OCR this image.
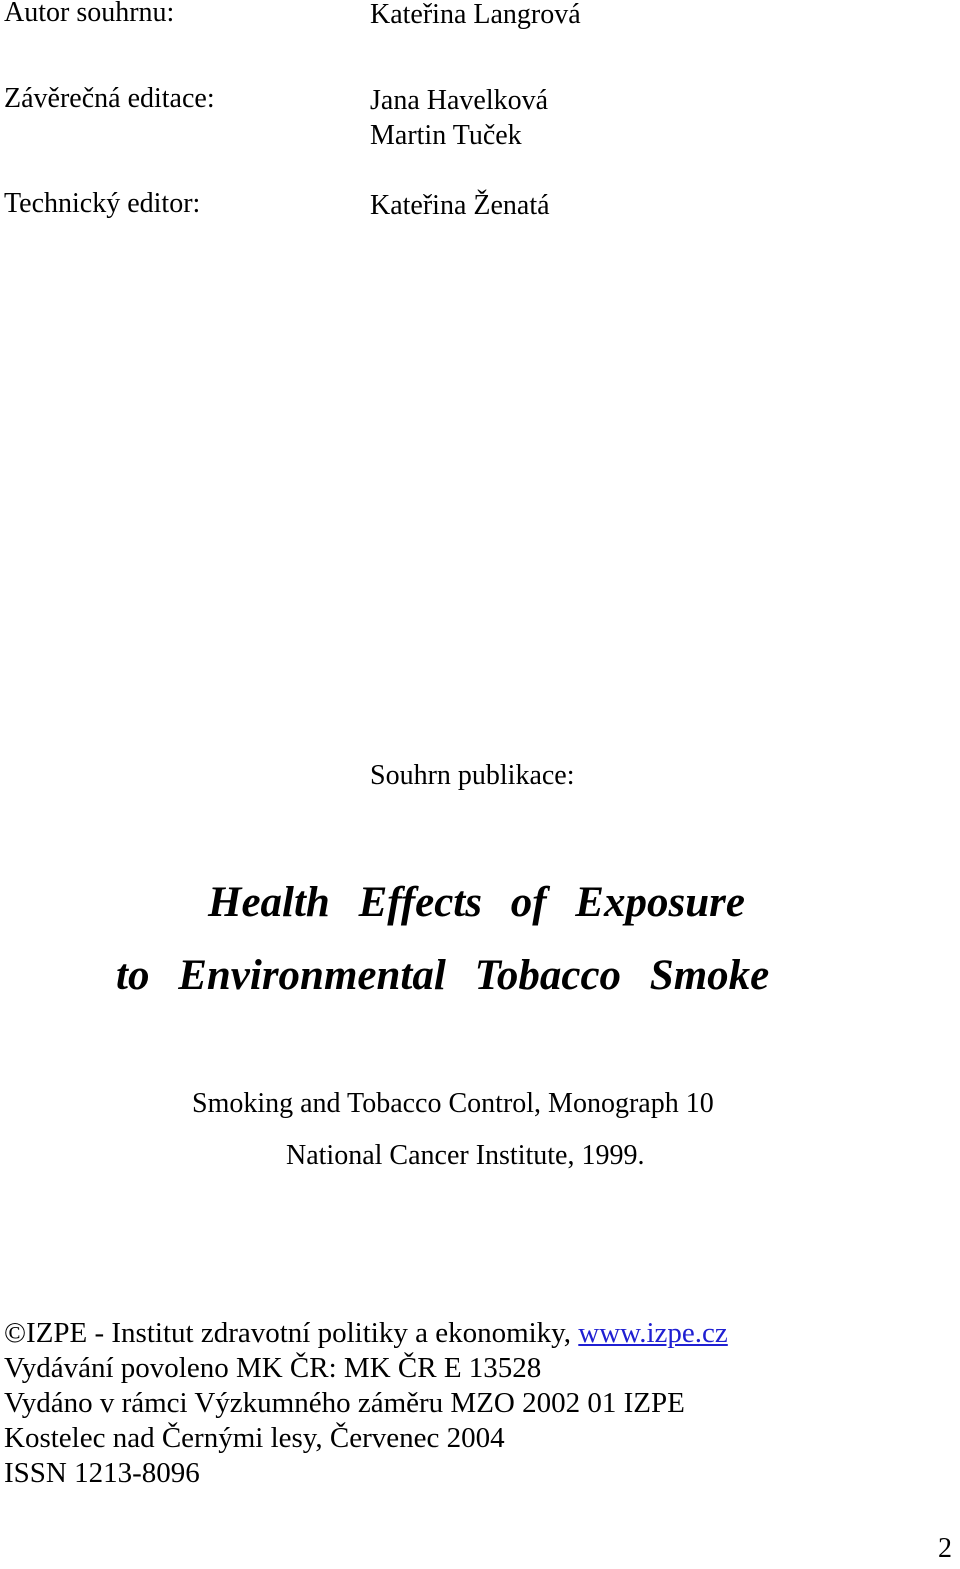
Autor souhrnu:	Kateřina Langrová
Závěrečná editace:	Jana Havelková
Martin Tuček
Technický editor:	Kateřina Ženatá
Souhrn publikace:
Health Effects of Exposure
to Environmental Tobacco Smoke
Smoking and Tobacco Control, Monograph 10
National Cancer Institute, 1999.
©IZPE - Institut zdravotní politiky a ekonomiky, www.izpe.cz
Vydávání povoleno MK ČR: MK ČR E 13528
Vydáno v rámci Výzkumného záměru MZO 2002 01 IZPE
Kostelec nad Černými lesy, Červenec 2004
ISSN 1213-8096
2
